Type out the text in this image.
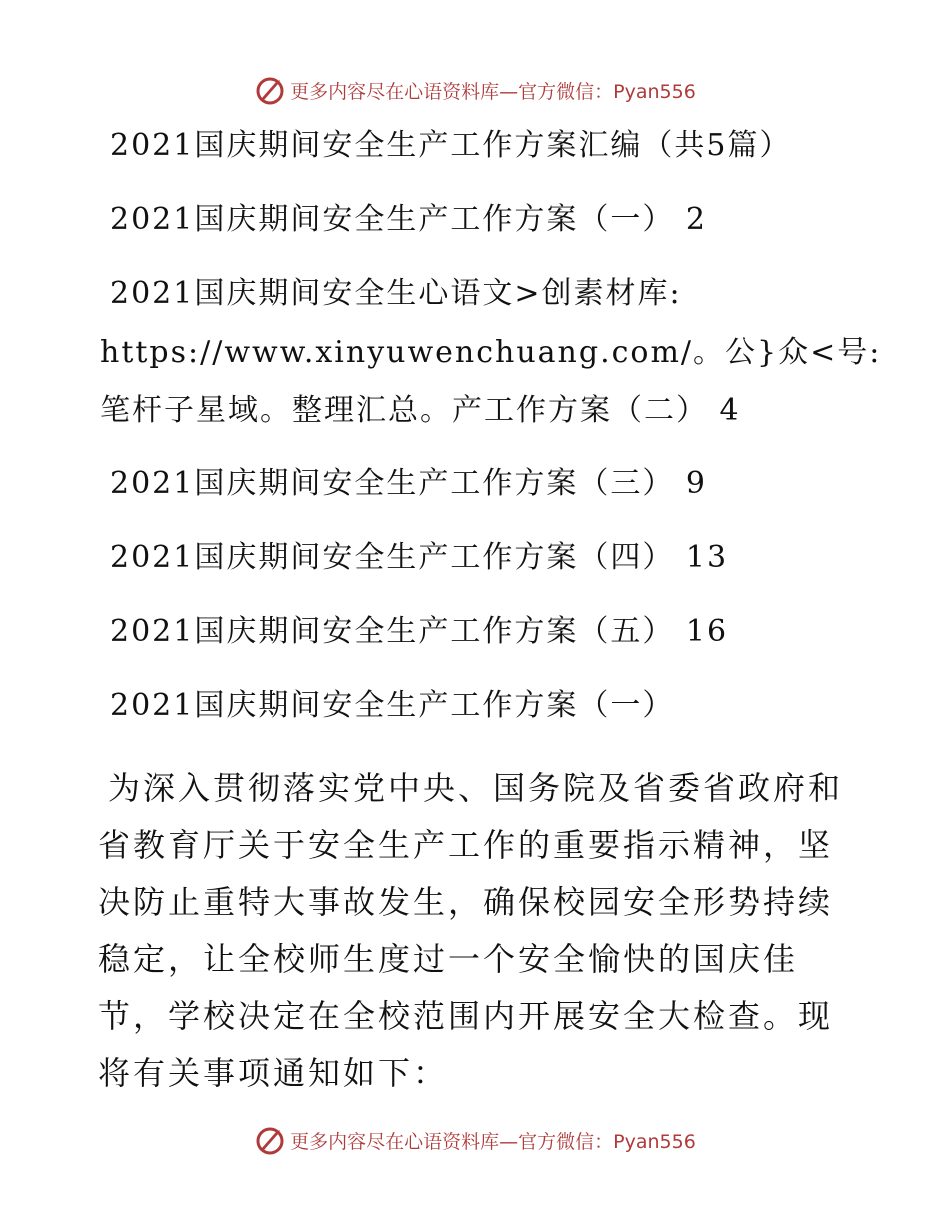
更多内容尽在心语资料库—官方微信：Pyan556
2021国庆期间安全生产工作方案汇编（共5篇）
2021国庆期间安全生产工作方案（一） 2
2021国庆期间安全生心语文>创素材库:
https://www.xinyuwenchuang.com/。公}众<号:
笔杆子星域。整理汇总。产工作方案（二） 4
2021国庆期间安全生产工作方案（三） 9
2021国庆期间安全生产工作方案（四） 13
2021国庆期间安全生产工作方案（五） 16
2021国庆期间安全生产工作方案（一）
为深入贯彻落实党中央、国务院及省委省政府和省教育厅关于安全生产工作的重要指示精神，坚决防止重特大事故发生，确保校园安全形势持续稳定，让全校师生度过一个安全愉快的国庆佳节，学校决定在全校范围内开展安全大检查。现将有关事项通知如下：
更多内容尽在心语资料库—官方微信：Pyan556
